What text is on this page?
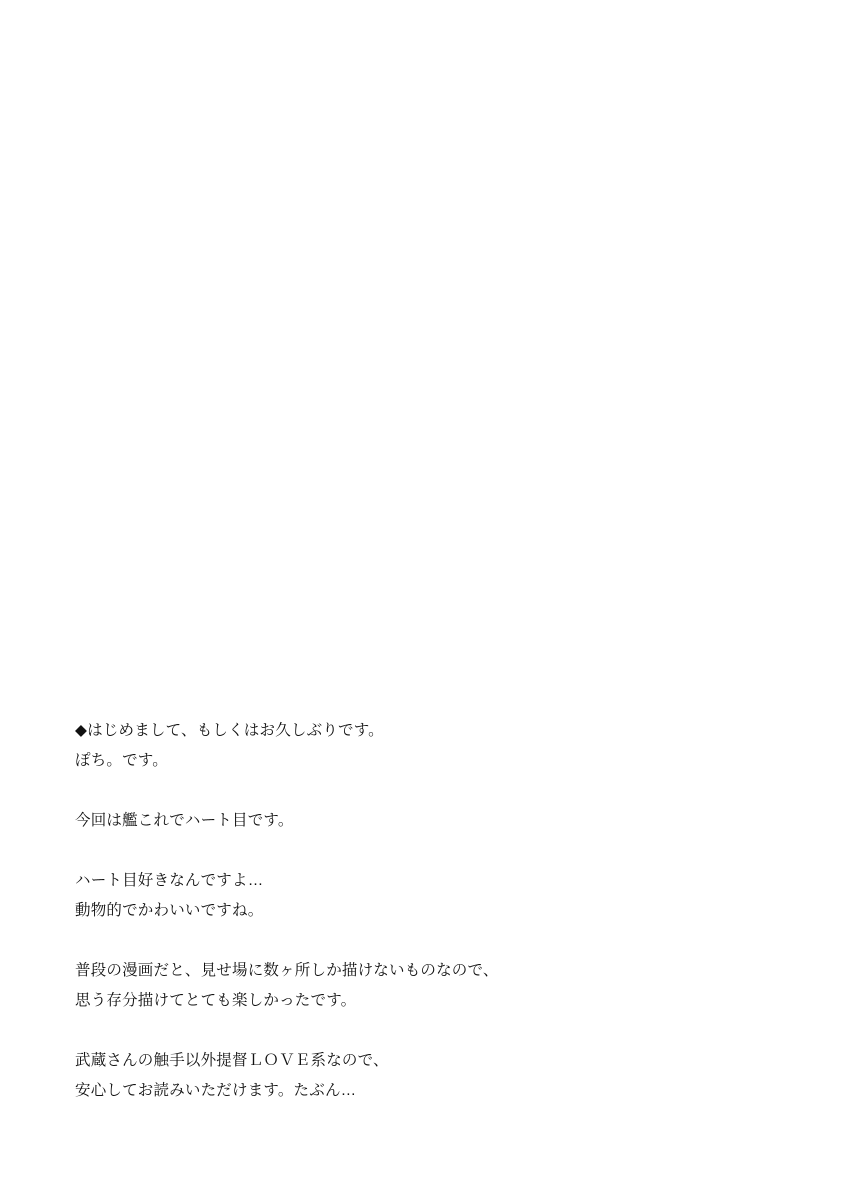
◆はじめまして、もしくはお久しぶりです。
ぽち。です。
今回は艦これでハート目です。
ハート目好きなんですよ…
動物的でかわいいですね。
普段の漫画だと、見せ場に数ヶ所しか描けないものなので、
思う存分描けてとても楽しかったです。
武蔵さんの触手以外提督ＬＯＶＥ系なので、
安心してお読みいただけます。たぶん…
